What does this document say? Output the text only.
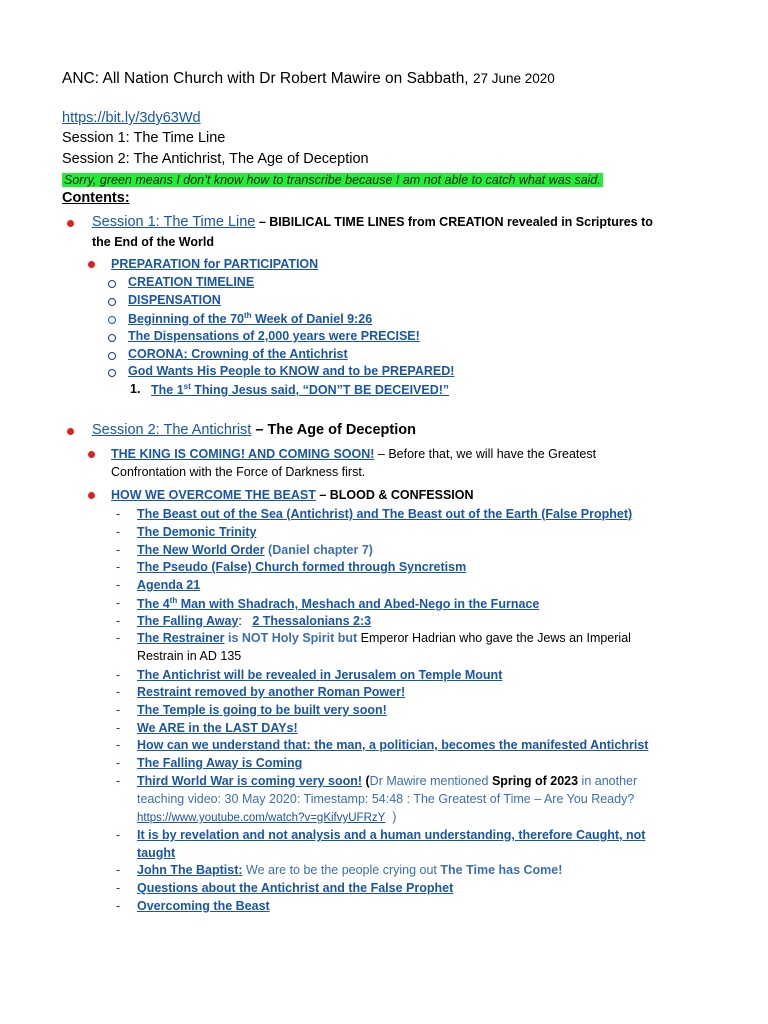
ANC: All Nation Church with Dr Robert Mawire on Sabbath, 27 June 2020
https://bit.ly/3dy63Wd
Session 1: The Time Line
Session 2: The Antichrist, The Age of Deception
Sorry, green means I don’t know how to transcribe because I am not able to catch what was said.
Contents:
Session 1: The Time Line – BIBILICAL TIME LINES from CREATION revealed in Scriptures to
the End of the World
PREPARATION for PARTICIPATION
CREATION TIMELINE
DISPENSATION
Beginning of the 70th Week of Daniel 9:26
The Dispensations of 2,000 years were PRECISE!
CORONA: Crowning of the Antichrist
God Wants His People to KNOW and to be PREPARED!
1. The 1st Thing Jesus said, “DON”T BE DECEIVED!”
Session 2: The Antichrist – The Age of Deception
THE KING IS COMING! AND COMING SOON! – Before that, we will have the Greatest
Confrontation with the Force of Darkness first.
HOW WE OVERCOME THE BEAST – BLOOD & CONFESSION
- The Beast out of the Sea (Antichrist) and The Beast out of the Earth (False Prophet)
- The Demonic Trinity
- The New World Order (Daniel chapter 7)
- The Pseudo (False) Church formed through Syncretism
- Agenda 21
- The 4th Man with Shadrach, Meshach and Abed-Nego in the Furnace
- The Falling Away:   2 Thessalonians 2:3
- The Restrainer is NOT Holy Spirit but Emperor Hadrian who gave the Jews an Imperial
Restrain in AD 135
- The Antichrist will be revealed in Jerusalem on Temple Mount
- Restraint removed by another Roman Power!
- The Temple is going to be built very soon!
- We ARE in the LAST DAYs!
- How can we understand that: the man, a politician, becomes the manifested Antichrist
- The Falling Away is Coming
- Third World War is coming very soon! (Dr Mawire mentioned Spring of 2023 in another
teaching video: 30 May 2020: Timestamp: 54:48 : The Greatest of Time – Are You Ready?
https://www.youtube.com/watch?v=gKifvyUFRzY  )
- It is by revelation and not analysis and a human understanding, therefore Caught, not
taught
- John The Baptist: We are to be the people crying out The Time has Come!
- Questions about the Antichrist and the False Prophet
- Overcoming the Beast
